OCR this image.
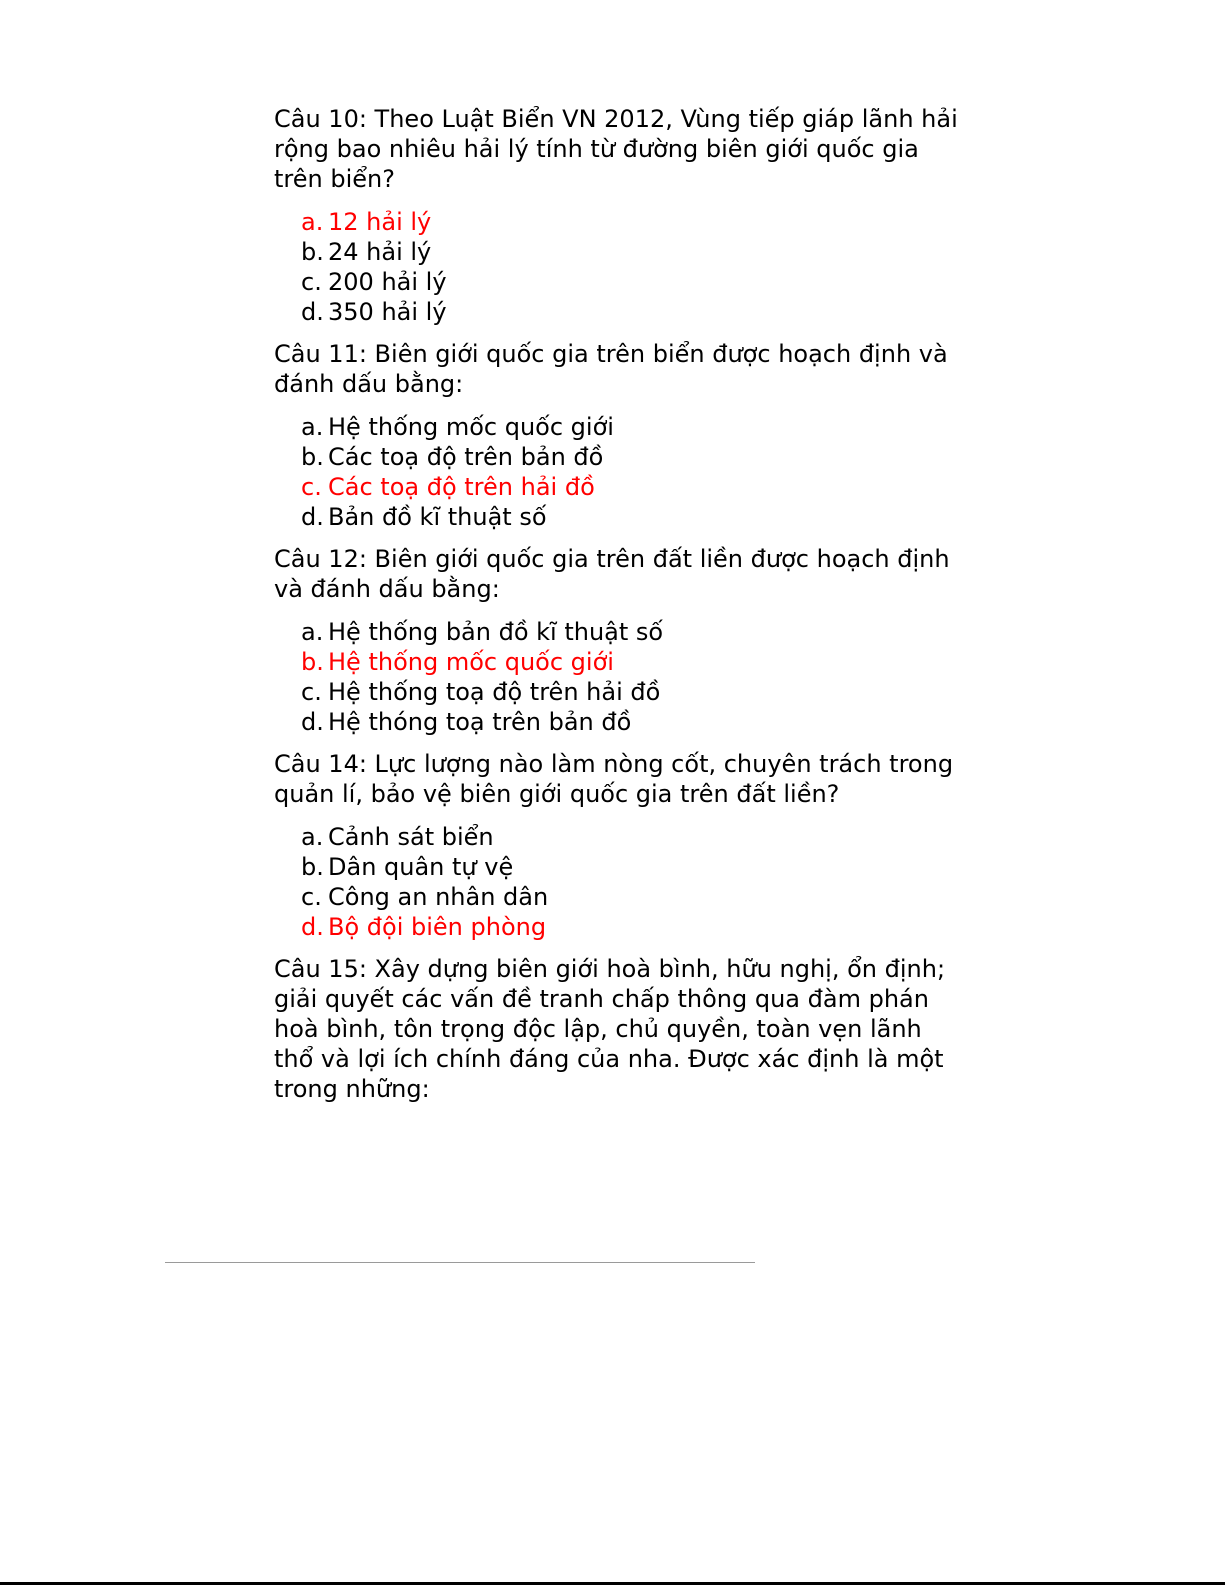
Câu 10: Theo Luật Biển VN 2012, Vùng tiếp giáp lãnh hải rộng bao nhiêu hải lý tính từ đường biên giới quốc gia trên biển?

a. 12 hải lý
b. 24 hải lý
c. 200 hải lý
d. 350 hải lý

Câu 11: Biên giới quốc gia trên biển được hoạch định và đánh dấu bằng:

a. Hệ thống mốc quốc giới
b. Các toạ độ trên bản đồ
c. Các toạ độ trên hải đồ
d. Bản đồ kĩ thuật số

Câu 12: Biên giới quốc gia trên đất liền được hoạch định và đánh dấu bằng:

a. Hệ thống bản đồ kĩ thuật số
b. Hệ thống mốc quốc giới
c. Hệ thống toạ độ trên hải đồ
d. Hệ thóng toạ trên bản đồ

Câu 14: Lực lượng nào làm nòng cốt, chuyên trách trong quản lí, bảo vệ biên giới quốc gia trên đất liền?

a. Cảnh sát biển
b. Dân quân tự vệ
c. Công an nhân dân
d. Bộ đội biên phòng

Câu 15: Xây dựng biên giới hoà bình, hữu nghị, ổn định; giải quyết các vấn đề tranh chấp thông qua đàm phán hoà bình, tôn trọng độc lập, chủ quyền, toàn vẹn lãnh thổ và lợi ích chính đáng của nha. Được xác định là một trong những:
